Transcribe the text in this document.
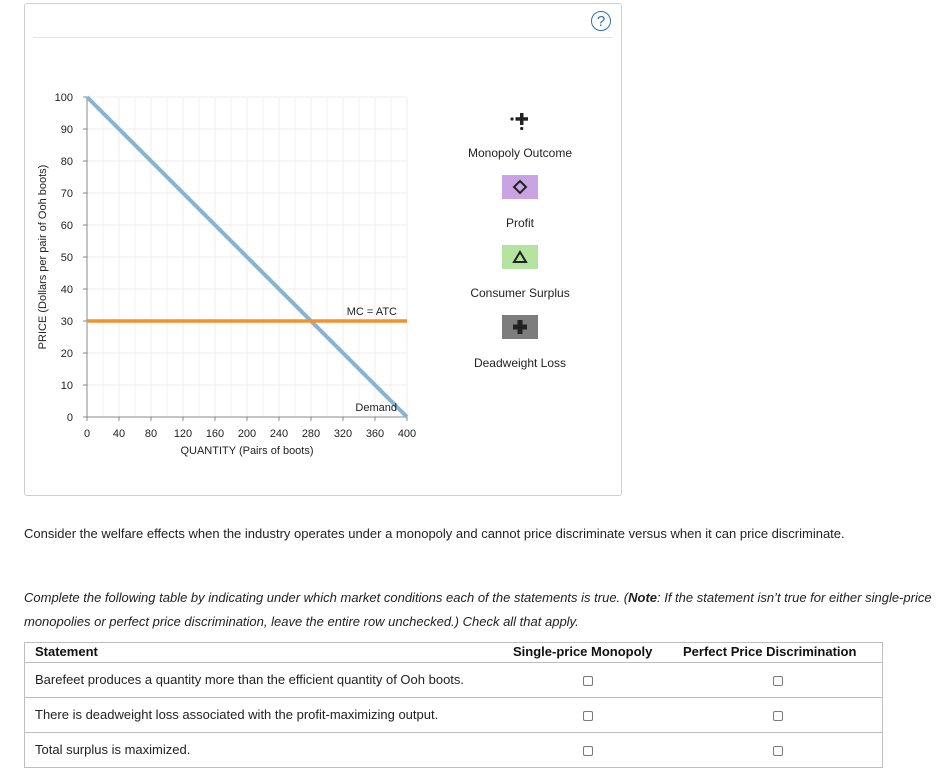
?
0
10
20
30
40
50
60
70
80
90
100
0 40 80 120 160 200 240 280 320 360 400
QUANTITY (Pairs of boots)
PRICE (Dollars per pair of Ooh boots)
Demand
MC = ATC
Monopoly Outcome
Profit
Consumer Surplus
Deadweight Loss
Consider the welfare effects when the industry operates under a monopoly and cannot price discriminate versus when it can price discriminate.
Complete the following table by indicating under which market conditions each of the statements is true. (Note: If the statement isn’t true for either single-price monopolies or perfect price discrimination, leave the entire row unchecked.) Check all that apply.
Statement	Single-price Monopoly Perfect Price Discrimination
Barefeet produces a quantity more than the efficient quantity of Ooh boots.
There is deadweight loss associated with the profit-maximizing output.
Total surplus is maximized.
